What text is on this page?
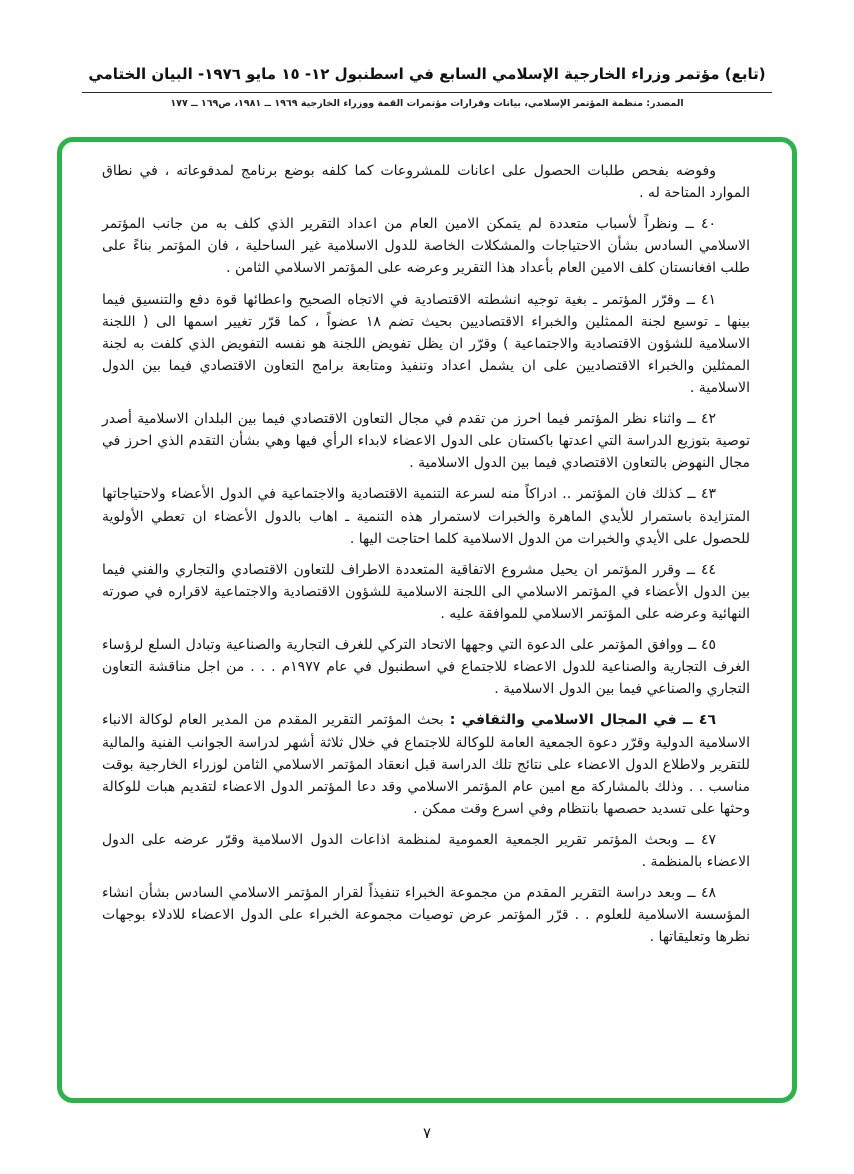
(تابع) مؤتمر وزراء الخارجية الإسلامي السابع في اسطنبول ١٢- ١٥ مايو ١٩٧٦- البيان الختامي
المصدر: منظمة المؤتمر الإسلامي، بيانات وقرارات مؤتمرات القمة ووزراء الخارجية ١٩٦٩ ــ ١٩٨١، ص١٦٩ ــ ١٧٧

وفوضه بفحص طلبات الحصول على اعانات للمشروعات كما كلفه بوضع برنامج لمدفوعاته ، في نطاق الموارد المتاحة له .

٤٠ ــ ونظراً لأسباب متعددة لم يتمكن الامين العام من اعداد التقرير الذي كلف به من جانب المؤتمر الاسلامي السادس بشأن الاحتياجات والمشكلات الخاصة للدول الاسلامية غير الساحلية ، فان المؤتمر بناءً على طلب افغانستان كلف الامين العام بأعداد هذا التقرير وعرضه على المؤتمر الاسلامي الثامن .

٤١ ــ وقرّر المؤتمر ـ بغية توجيه انشطته الاقتصادية في الاتجاه الصحيح واعطائها قوة دفع والتنسيق فيما بينها ـ توسيع لجنة الممثلين والخبراء الاقتصاديين بحيث تضم ١٨ عضواً ، كما قرّر تغيير اسمها الى ( اللجنة الاسلامية للشؤون الاقتصادية والاجتماعية ) وقرّر ان يظل تفويض اللجنة هو نفسه التفويض الذي كلفت به لجنة الممثلين والخبراء الاقتصاديين على ان يشمل اعداد وتنفيذ ومتابعة برامج التعاون الاقتصادي فيما بين الدول الاسلامية .

٤٢ ــ واثناء نظر المؤتمر فيما احرز من تقدم في مجال التعاون الاقتصادي فيما بين البلدان الاسلامية أصدر توصية بتوزيع الدراسة التي اعدتها باكستان على الدول الاعضاء لابداء الرأي فيها وهي بشأن التقدم الذي احرز في مجال النهوض بالتعاون الاقتصادي فيما بين الدول الاسلامية .

٤٣ ــ كذلك فان المؤتمر .. ادراكاً منه لسرعة التنمية الاقتصادية والاجتماعية في الدول الأعضاء ولاحتياجاتها المتزايدة باستمرار للأيدي الماهرة والخبرات لاستمرار هذه التنمية ـ اهاب بالدول الأعضاء ان تعطي الأولوية للحصول على الأيدي والخبرات من الدول الاسلامية كلما احتاجت اليها .

٤٤ ــ وقرر المؤتمر ان يحيل مشروع الاتفاقية المتعددة الاطراف للتعاون الاقتصادي والتجاري والفني فيما بين الدول الأعضاء في المؤتمر الاسلامي الى اللجنة الاسلامية للشؤون الاقتصادية والاجتماعية لاقراره في صورته النهائية وعرضه على المؤتمر الاسلامي للموافقة عليه .

٤٥ ــ ووافق المؤتمر على الدعوة التي وجهها الاتحاد التركي للغرف التجارية والصناعية وتبادل السلع لرؤساء الغرف التجارية والصناعية للدول الاعضاء للاجتماع في اسطنبول في عام ١٩٧٧م . . . من اجل مناقشة التعاون التجاري والصناعي فيما بين الدول الاسلامية .

٤٦ ــ في المجال الاسلامي والثقافي : بحث المؤتمر التقرير المقدم من المدير العام لوكالة الانباء الاسلامية الدولية وقرّر دعوة الجمعية العامة للوكالة للاجتماع في خلال ثلاثة أشهر لدراسة الجوانب الفنية والمالية للتقرير ولاطلاع الدول الاعضاء على نتائج تلك الدراسة قبل انعقاد المؤتمر الاسلامي الثامن لوزراء الخارجية بوقت مناسب . . وذلك بالمشاركة مع امين عام المؤتمر الاسلامي وقد دعا المؤتمر الدول الاعضاء لتقديم هبات للوكالة وحثها على تسديد حصصها بانتظام وفي اسرع وقت ممكن .

٤٧ ــ وبحث المؤتمر تقرير الجمعية العمومية لمنظمة اذاعات الدول الاسلامية وقرّر عرضه على الدول الاعضاء بالمنظمة .

٤٨ ــ وبعد دراسة التقرير المقدم من مجموعة الخبراء تنفيذاً لقرار المؤتمر الاسلامي السادس بشأن انشاء المؤسسة الاسلامية للعلوم . . قرّر المؤتمر عرض توصيات مجموعة الخبراء على الدول الاعضاء للادلاء بوجهات نظرها وتعليقاتها .

٧
